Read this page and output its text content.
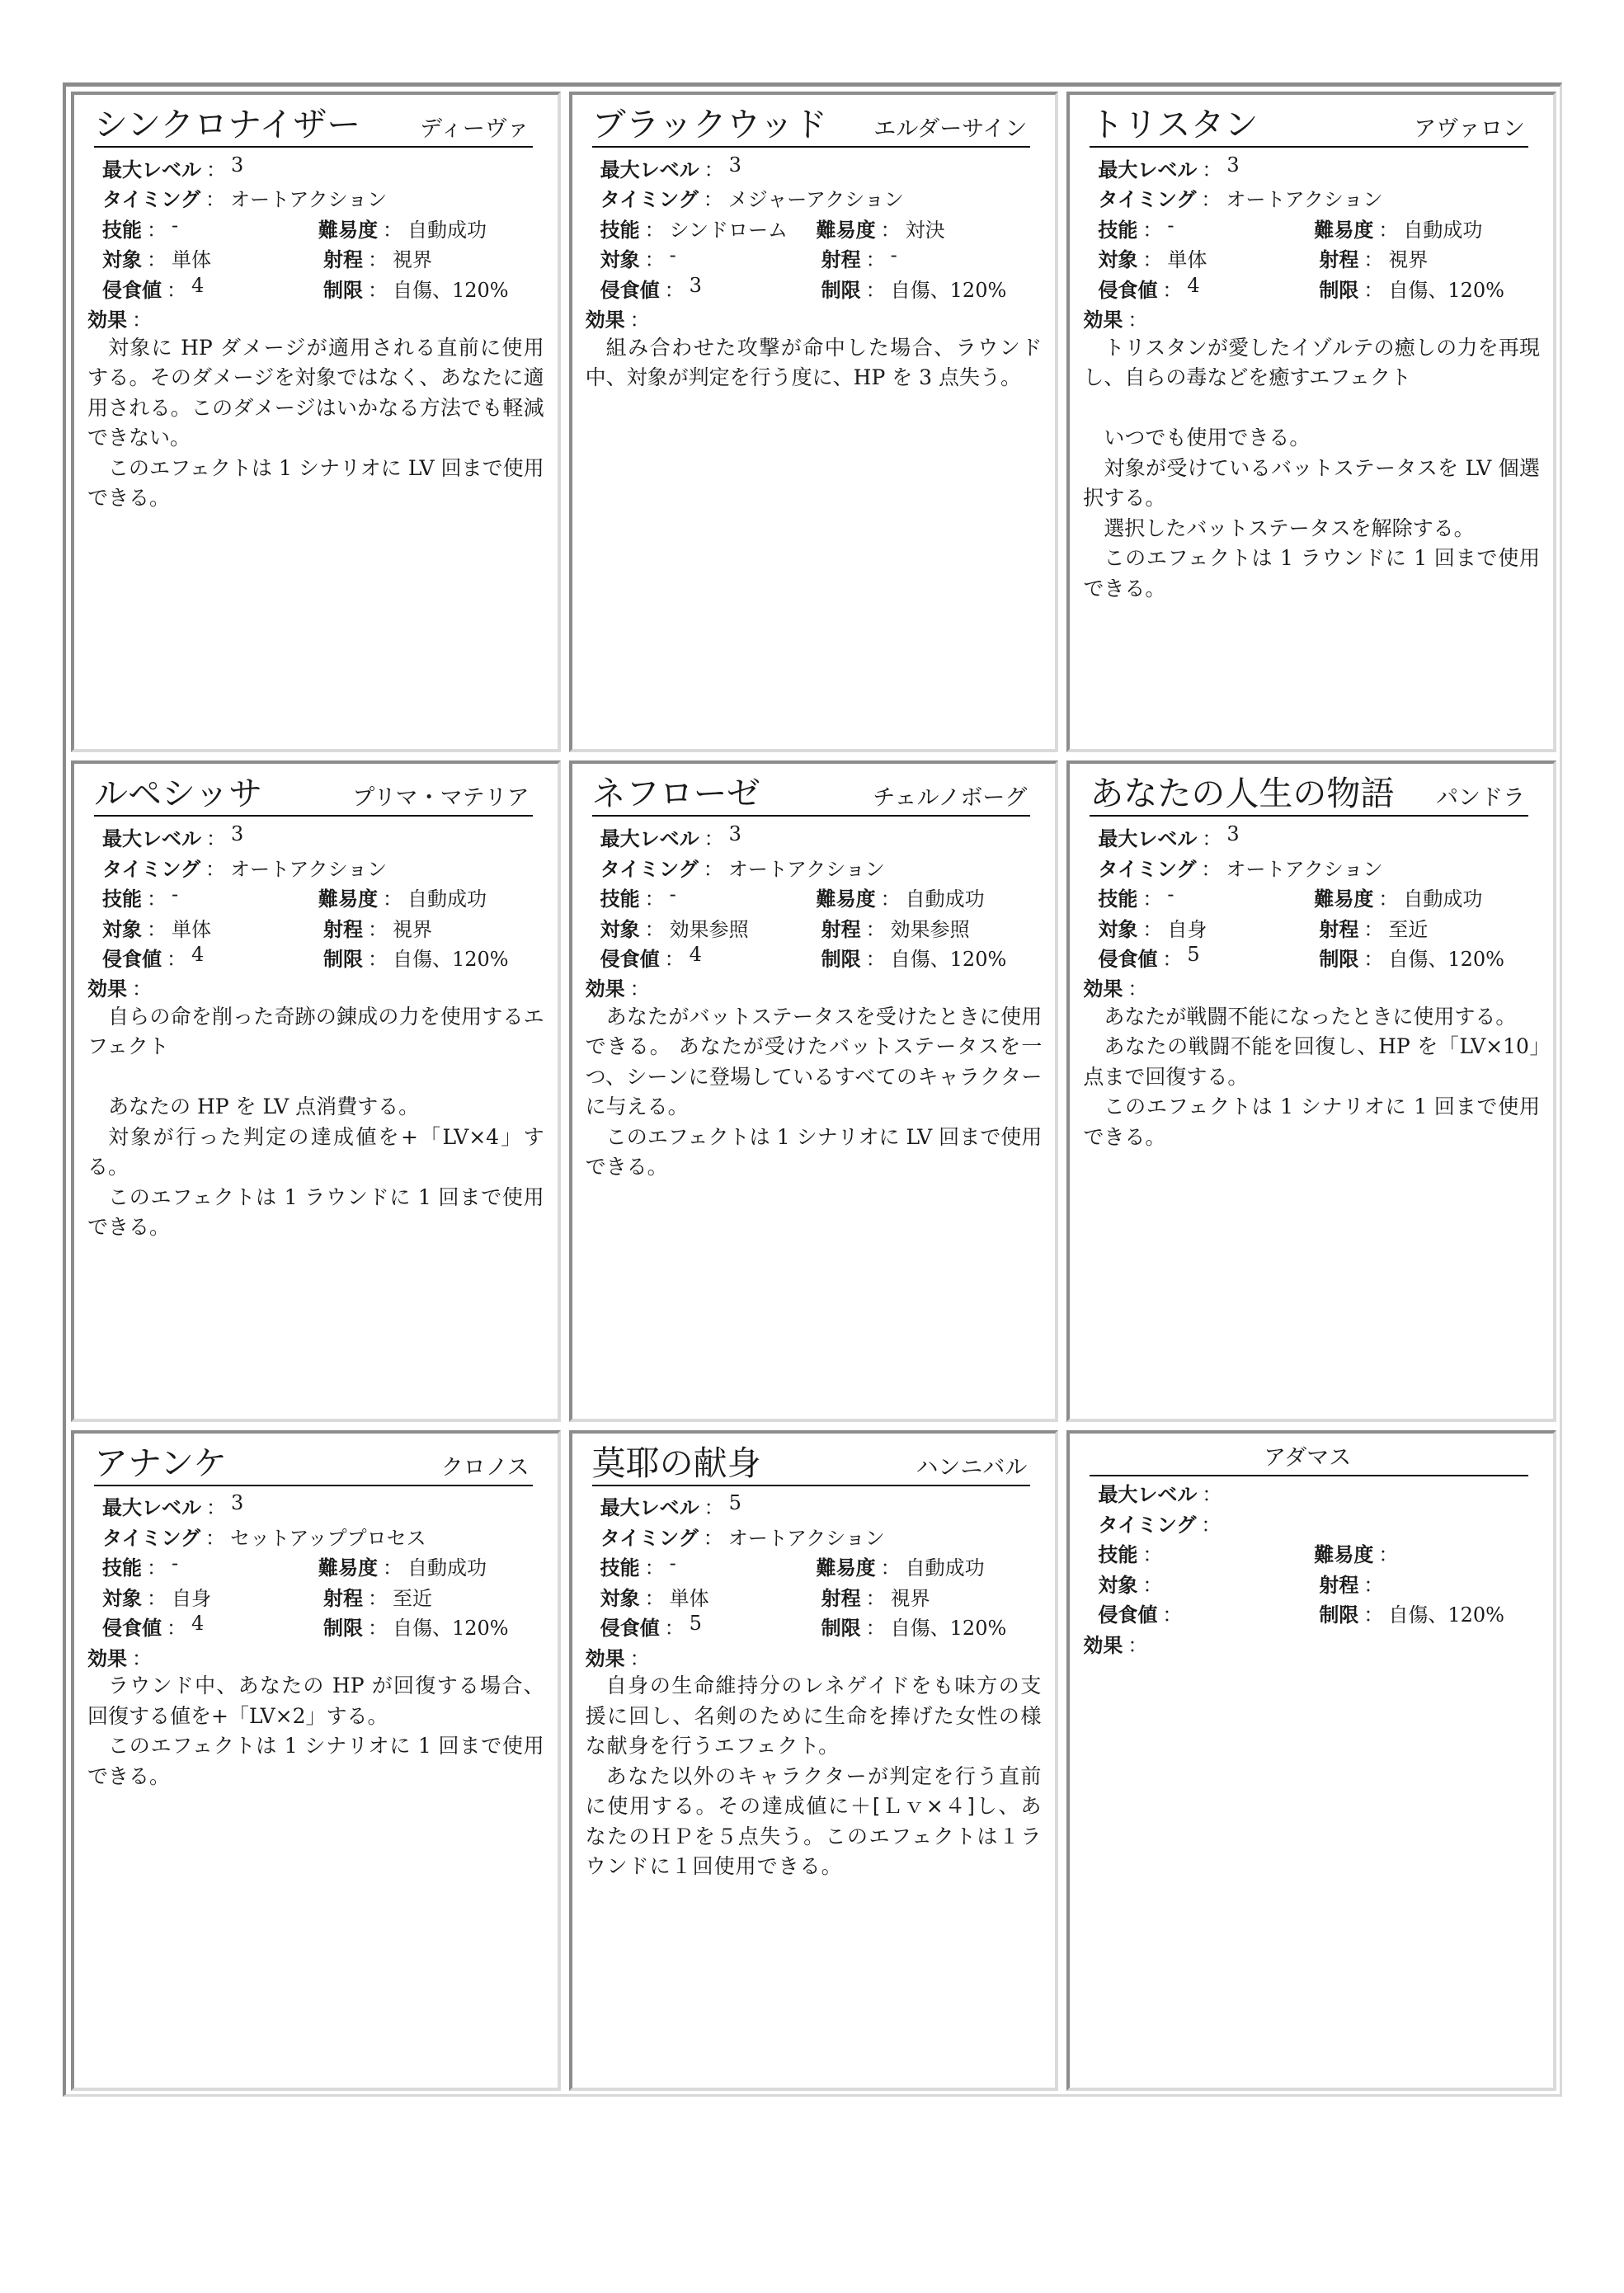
シンクロナイザー	ディーヴァ
最大レベル ： 3
タイミング ： オートアクション
技能 ： -	難易度 ： 自動成功
対象 ： 単体	射程 ： 視界
侵食値 ： 4	制限 ： 自傷、120%
効果 ：

対象に HP ダメージが適用される直前に使用する。そのダメージを対象ではなく、あなたに適用される。このダメージはいかなる方法でも軽減できない。

このエフェクトは 1 シナリオに LV 回まで使用できる。

ブラックウッド エルダーサイン
最大レベル ： 3
タイミング ： メジャーアクション
技能 ： シンドローム 難易度 ： 対決
対象 ： -	射程 ： -
侵食値 ： 3	制限 ： 自傷、120%
効果 ：

組み合わせた攻撃が命中した場合、ラウンド中、対象が判定を行う度に、HP を 3 点失う。

トリスタン	アヴァロン
最大レベル ： 3
タイミング ： オートアクション
技能 ： -	難易度 ： 自動成功
対象 ： 単体	射程 ： 視界
侵食値 ： 4	制限 ： 自傷、120%
効果 ：

トリスタンが愛したイゾルテの癒しの力を再現し、自らの毒などを癒すエフェクト

いつでも使用できる。

対象が受けているバットステータスを LV 個選択する。

選択したバットステータスを解除する。

このエフェクトは 1 ラウンドに 1 回まで使用できる。

ルペシッサ	プリマ・マテリア
最大レベル ： 3
タイミング ： オートアクション
技能 ： -	難易度 ： 自動成功
対象 ： 単体	射程 ： 視界
侵食値 ： 4	制限 ： 自傷、120%
効果 ：

自らの命を削った奇跡の錬成の力を使用するエフェクト

あなたの HP を LV 点消費する。

対象が行った判定の達成値を+「LV×4」する。

このエフェクトは 1 ラウンドに 1 回まで使用できる。

ネフローゼ	チェルノボーグ
最大レベル ： 3
タイミング ： オートアクション
技能 ： -	難易度 ： 自動成功
対象 ： 効果参照	射程 ： 効果参照
侵食値 ： 4	制限 ： 自傷、120%
効果 ：

あなたがバットステータスを受けたときに使用できる。 あなたが受けたバットステータスを一つ、シーンに登場しているすべてのキャラクターに与える。

このエフェクトは 1 シナリオに LV 回まで使用できる。

あなたの人生の物語 パンドラ
最大レベル ： 3
タイミング ： オートアクション
技能 ： -	難易度 ： 自動成功
対象 ： 自身	射程 ： 至近
侵食値 ： 5	制限 ： 自傷、120%
効果 ：

あなたが戦闘不能になったときに使用する。

あなたの戦闘不能を回復し、HP を「LV×10」点まで回復する。

このエフェクトは 1 シナリオに 1 回まで使用できる。

アナンケ	クロノス
最大レベル ： 3
タイミング ： セットアッププロセス
技能 ： -	難易度 ： 自動成功
対象 ： 自身	射程 ： 至近
侵食値 ： 4	制限 ： 自傷、120%
効果 ：

ラウンド中、あなたの HP が回復する場合、回復する値を+「LV×2」する。

このエフェクトは 1 シナリオに 1 回まで使用できる。

莫耶の献身	ハンニバル
最大レベル ： 5
タイミング ： オートアクション
技能 ： -	難易度 ： 自動成功
対象 ： 単体	射程 ： 視界
侵食値 ： 5	制限 ： 自傷、120%
効果 ：

自身の生命維持分のレネゲイドをも味方の支援に回し、名剣のために生命を捧げた女性の様な献身を行うエフェクト。

あなた以外のキャラクターが判定を行う直前に使用する。その達成値に＋[Ｌｖ×４]し、あなたのＨＰを５点失う。このエフェクトは１ラウンドに１回使用できる。

アダマス
最大レベル ：
タイミング ：
技能 ：	難易度 ：
対象 ：	射程 ：
侵食値 ：	制限 ： 自傷、120%
効果 ：
